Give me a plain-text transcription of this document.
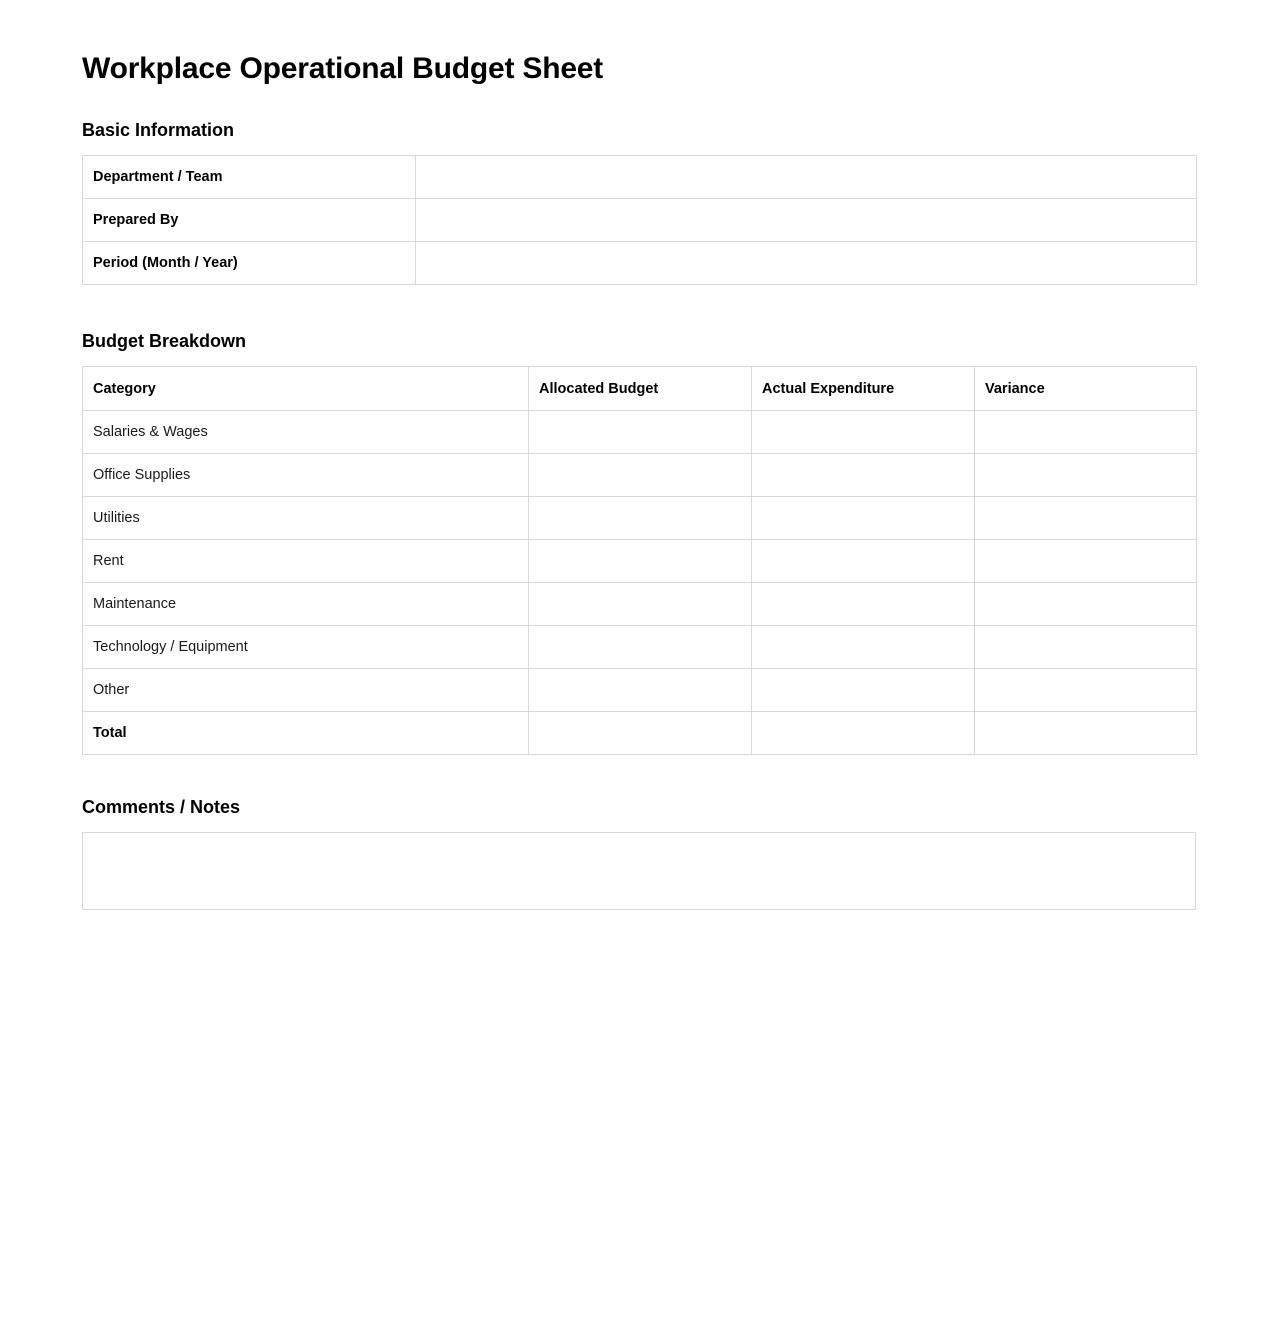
Workplace Operational Budget Sheet
Basic Information
Department / Team	
Prepared By	
Period (Month / Year)	
Budget Breakdown
Category	Allocated Budget	Actual Expenditure	Variance
Salaries & Wages			
Office Supplies			
Utilities			
Rent			
Maintenance			
Technology / Equipment			
Other			
Total			
Comments / Notes
